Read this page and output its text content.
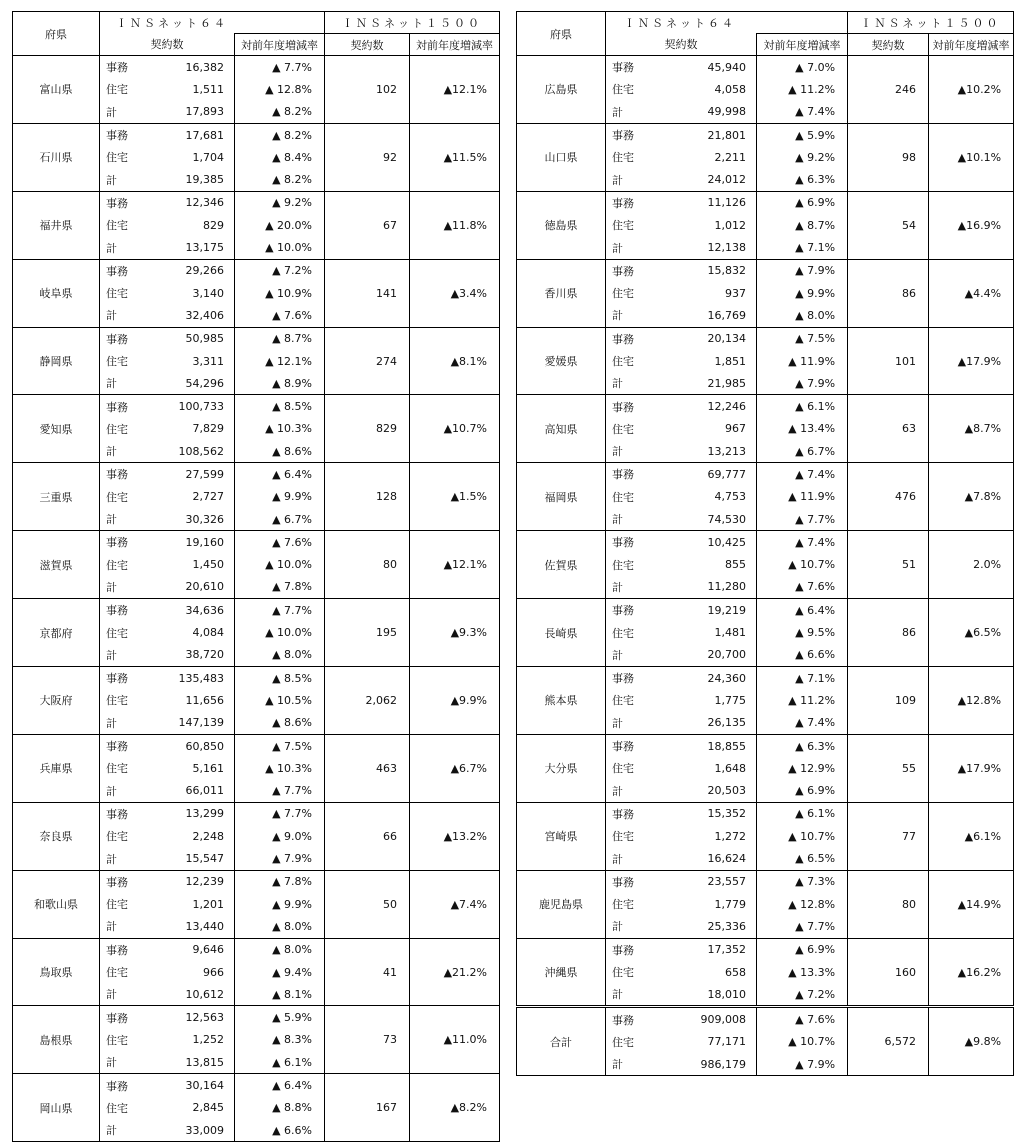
府県	ＩＮＳネット６４			ＩＮＳネット１５００	
	契約数		対前年度増減率	契約数	対前年度増減率
富山県	事務	16,382	▲ 7.7%	102	▲12.1%
	住宅	1,511	▲ 12.8%		
	計	17,893	▲ 8.2%		
石川県	事務	17,681	▲ 8.2%	92	▲11.5%
	住宅	1,704	▲ 8.4%		
	計	19,385	▲ 8.2%		
福井県	事務	12,346	▲ 9.2%	67	▲11.8%
	住宅	829	▲ 20.0%		
	計	13,175	▲ 10.0%		
岐阜県	事務	29,266	▲ 7.2%	141	▲3.4%
	住宅	3,140	▲ 10.9%		
	計	32,406	▲ 7.6%		
静岡県	事務	50,985	▲ 8.7%	274	▲8.1%
	住宅	3,311	▲ 12.1%		
	計	54,296	▲ 8.9%		
愛知県	事務	100,733	▲ 8.5%	829	▲10.7%
	住宅	7,829	▲ 10.3%		
	計	108,562	▲ 8.6%		
三重県	事務	27,599	▲ 6.4%	128	▲1.5%
	住宅	2,727	▲ 9.9%		
	計	30,326	▲ 6.7%		
滋賀県	事務	19,160	▲ 7.6%	80	▲12.1%
	住宅	1,450	▲ 10.0%		
	計	20,610	▲ 7.8%		
京都府	事務	34,636	▲ 7.7%	195	▲9.3%
	住宅	4,084	▲ 10.0%		
	計	38,720	▲ 8.0%		
大阪府	事務	135,483	▲ 8.5%	2,062	▲9.9%
	住宅	11,656	▲ 10.5%		
	計	147,139	▲ 8.6%		
兵庫県	事務	60,850	▲ 7.5%	463	▲6.7%
	住宅	5,161	▲ 10.3%		
	計	66,011	▲ 7.7%		
奈良県	事務	13,299	▲ 7.7%	66	▲13.2%
	住宅	2,248	▲ 9.0%		
	計	15,547	▲ 7.9%		
和歌山県	事務	12,239	▲ 7.8%	50	▲7.4%
	住宅	1,201	▲ 9.9%		
	計	13,440	▲ 8.0%		
鳥取県	事務	9,646	▲ 8.0%	41	▲21.2%
	住宅	966	▲ 9.4%		
	計	10,612	▲ 8.1%		
島根県	事務	12,563	▲ 5.9%	73	▲11.0%
	住宅	1,252	▲ 8.3%		
	計	13,815	▲ 6.1%		
岡山県	事務	30,164	▲ 6.4%	167	▲8.2%
	住宅	2,845	▲ 8.8%		
	計	33,009	▲ 6.6%		
府県	ＩＮＳネット６４			ＩＮＳネット１５００	
	契約数		対前年度増減率	契約数	対前年度増減率
広島県	事務	45,940	▲ 7.0%	246	▲10.2%
	住宅	4,058	▲ 11.2%		
	計	49,998	▲ 7.4%		
山口県	事務	21,801	▲ 5.9%	98	▲10.1%
	住宅	2,211	▲ 9.2%		
	計	24,012	▲ 6.3%		
徳島県	事務	11,126	▲ 6.9%	54	▲16.9%
	住宅	1,012	▲ 8.7%		
	計	12,138	▲ 7.1%		
香川県	事務	15,832	▲ 7.9%	86	▲4.4%
	住宅	937	▲ 9.9%		
	計	16,769	▲ 8.0%		
愛媛県	事務	20,134	▲ 7.5%	101	▲17.9%
	住宅	1,851	▲ 11.9%		
	計	21,985	▲ 7.9%		
高知県	事務	12,246	▲ 6.1%	63	▲8.7%
	住宅	967	▲ 13.4%		
	計	13,213	▲ 6.7%		
福岡県	事務	69,777	▲ 7.4%	476	▲7.8%
	住宅	4,753	▲ 11.9%		
	計	74,530	▲ 7.7%		
佐賀県	事務	10,425	▲ 7.4%	51	2.0%
	住宅	855	▲ 10.7%		
	計	11,280	▲ 7.6%		
長崎県	事務	19,219	▲ 6.4%	86	▲6.5%
	住宅	1,481	▲ 9.5%		
	計	20,700	▲ 6.6%		
熊本県	事務	24,360	▲ 7.1%	109	▲12.8%
	住宅	1,775	▲ 11.2%		
	計	26,135	▲ 7.4%		
大分県	事務	18,855	▲ 6.3%	55	▲17.9%
	住宅	1,648	▲ 12.9%		
	計	20,503	▲ 6.9%		
宮崎県	事務	15,352	▲ 6.1%	77	▲6.1%
	住宅	1,272	▲ 10.7%		
	計	16,624	▲ 6.5%		
鹿児島県	事務	23,557	▲ 7.3%	80	▲14.9%
	住宅	1,779	▲ 12.8%		
	計	25,336	▲ 7.7%		
沖縄県	事務	17,352	▲ 6.9%	160	▲16.2%
	住宅	658	▲ 13.3%		
	計	18,010	▲ 7.2%		
合計	事務	909,008	▲ 7.6%	6,572	▲9.8%
	住宅	77,171	▲ 10.7%		
	計	986,179	▲ 7.9%		
